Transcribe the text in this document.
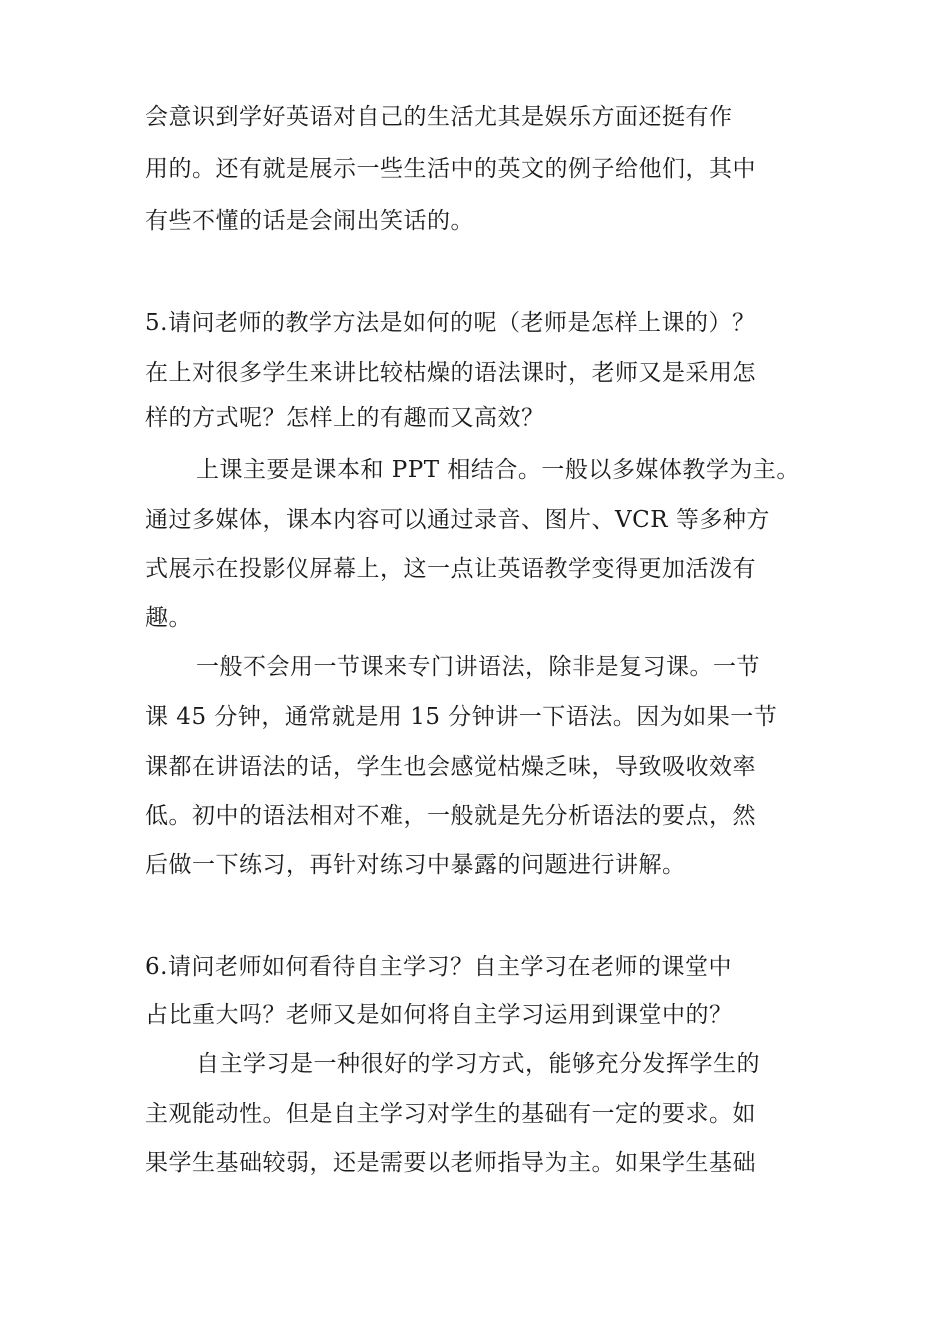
会意识到学好英语对自己的生活尤其是娱乐方面还挺有作
用的。还有就是展示一些生活中的英文的例子给他们，其中
有些不懂的话是会闹出笑话的。
5.请问老师的教学方法是如何的呢（老师是怎样上课的）？
在上对很多学生来讲比较枯燥的语法课时，老师又是采用怎
样的方式呢？怎样上的有趣而又高效？
上课主要是课本和 PPT 相结合。一般以多媒体教学为主。
通过多媒体，课本内容可以通过录音、图片、VCR 等多种方
式展示在投影仪屏幕上，这一点让英语教学变得更加活泼有
趣。
一般不会用一节课来专门讲语法，除非是复习课。一节
课 45 分钟，通常就是用 15 分钟讲一下语法。因为如果一节
课都在讲语法的话，学生也会感觉枯燥乏味，导致吸收效率
低。初中的语法相对不难，一般就是先分析语法的要点，然
后做一下练习，再针对练习中暴露的问题进行讲解。
6.请问老师如何看待自主学习？自主学习在老师的课堂中
占比重大吗？老师又是如何将自主学习运用到课堂中的？
自主学习是一种很好的学习方式，能够充分发挥学生的
主观能动性。但是自主学习对学生的基础有一定的要求。如
果学生基础较弱，还是需要以老师指导为主。如果学生基础
